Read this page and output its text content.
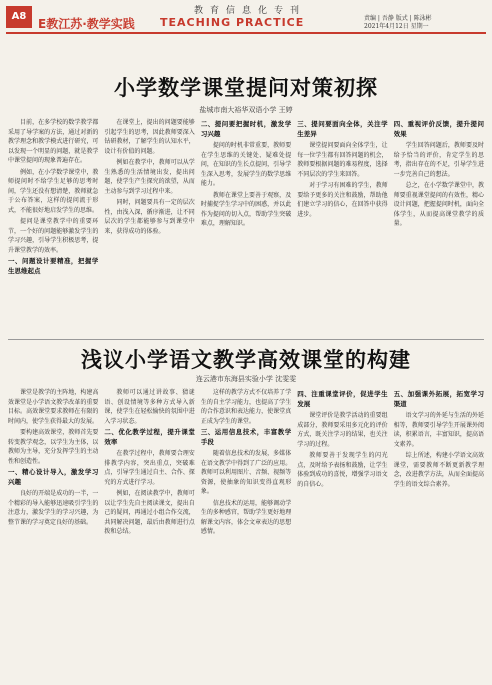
A8	教育信息化专刊
E教江苏·教学实践 TEACHING PRACTICE	责编 | 吾静 版式 | 陈泳彬
2021年4月12日 星期一
小学数学课堂提问对策初探
盐城市南大裕华双语小学 王婷

目前，在多学校的数学教学都采用了导学案的方法，通过对新的教学理念和教学模式进行研究，可以发现一个明显的问题，就是教学中课堂提问的现象普遍存在。

例如，在小学数学课堂中，教师提问时不给学生足够的思考时间，学生还没有想清楚，教师就急于公布答案，这样的提问流于形式，不能很好地启发学生的思维。

提问是课堂教学中的重要环节，一个好的问题能够激发学生的学习兴趣，引导学生积极思考，提升课堂教学的效率。

一、问题设计要精准，把握学生思维起点

在课堂上，提出的问题要能够引起学生的思考，因此教师要深入钻研教材，了解学生的认知水平，设计有价值的问题。

例如在教学中，教师可以从学生熟悉的生活情境出发，提出问题，使学生产生探究的欲望，从而主动参与到学习过程中来。

同时，问题要具有一定的层次性，由浅入深，循序渐进，让不同层次的学生都能够参与到课堂中来，获得成功的体验。

二、提问要把握时机，激发学习兴趣

提问的时机非常重要，教师要在学生思维的关键处、疑难处提问，在知识的生长点提问，引导学生深入思考，发展学生的数学思维能力。

教师在课堂上要善于观察，及时捕捉学生学习中的困惑，并以此作为提问的切入点，帮助学生突破难点，理解知识。

三、提问要面向全体，关注学生差异

课堂提问要面向全体学生，让每一位学生都有回答问题的机会，教师要根据问题的难易程度，选择不同层次的学生来回答。

对于学习有困难的学生，教师要给予更多的关注和鼓励，帮助他们建立学习的信心，在回答中获得进步。

四、重视评价反馈，提升提问效果

学生回答问题后，教师要及时给予恰当的评价，肯定学生的思考，指出存在的不足，引导学生进一步完善自己的想法。

总之，在小学数学课堂中，教师要重视课堂提问的有效性，精心设计问题，把握提问时机，面向全体学生，从而提高课堂教学的质量。

浅议小学语文教学高效课堂的构建
连云港市东海县实验小学 沈雯雯

课堂是教学的主阵地，构建高效课堂是小学语文教学改革的重要目标。高效课堂要求教师在有限的时间内，使学生获得最大的发展。

要构建高效课堂，教师首先要转变教学观念，以学生为主体，以教师为主导，充分发挥学生的主动性和创造性。

一、精心设计导入，激发学习兴趣

良好的开端是成功的一半，一个精彩的导入能够迅速吸引学生的注意力，激发学生的学习兴趣，为整节课的学习奠定良好的基础。

教师可以通过讲故事、猜谜语、创设情境等多种方式导入新课，使学生在轻松愉快的氛围中进入学习状态。

二、优化教学过程，提升课堂效率

在教学过程中，教师要合理安排教学内容，突出重点，突破难点，引导学生通过自主、合作、探究的方式进行学习。

例如，在阅读教学中，教师可以让学生先自主阅读课文，提出自己的疑问，再通过小组合作交流，共同解决问题，最后由教师进行点拨和总结。

这样的教学方式不仅培养了学生的自主学习能力，也提高了学生的合作意识和表达能力，使课堂真正成为学生的课堂。

三、运用信息技术，丰富教学手段

随着信息技术的发展，多媒体在语文教学中得到了广泛的应用。教师可以利用图片、音频、视频等资源，使抽象的知识变得直观形象。

信息技术的运用，能够调动学生的多种感官，帮助学生更好地理解课文内容，体会文章表达的思想感情。

四、注重课堂评价，促进学生发展

课堂评价是教学活动的重要组成部分，教师要采用多元化的评价方式，既关注学习的结果，也关注学习的过程。

教师要善于发现学生的闪光点，及时给予表扬和鼓励，让学生体验到成功的喜悦，增强学习语文的自信心。

五、加强课外拓展，拓宽学习渠道

语文学习的外延与生活的外延相等，教师要引导学生开展课外阅读，积累语言，丰富知识，提高语文素养。

综上所述，构建小学语文高效课堂，需要教师不断更新教学理念，改进教学方法，从而全面提高学生的语文综合素养。
